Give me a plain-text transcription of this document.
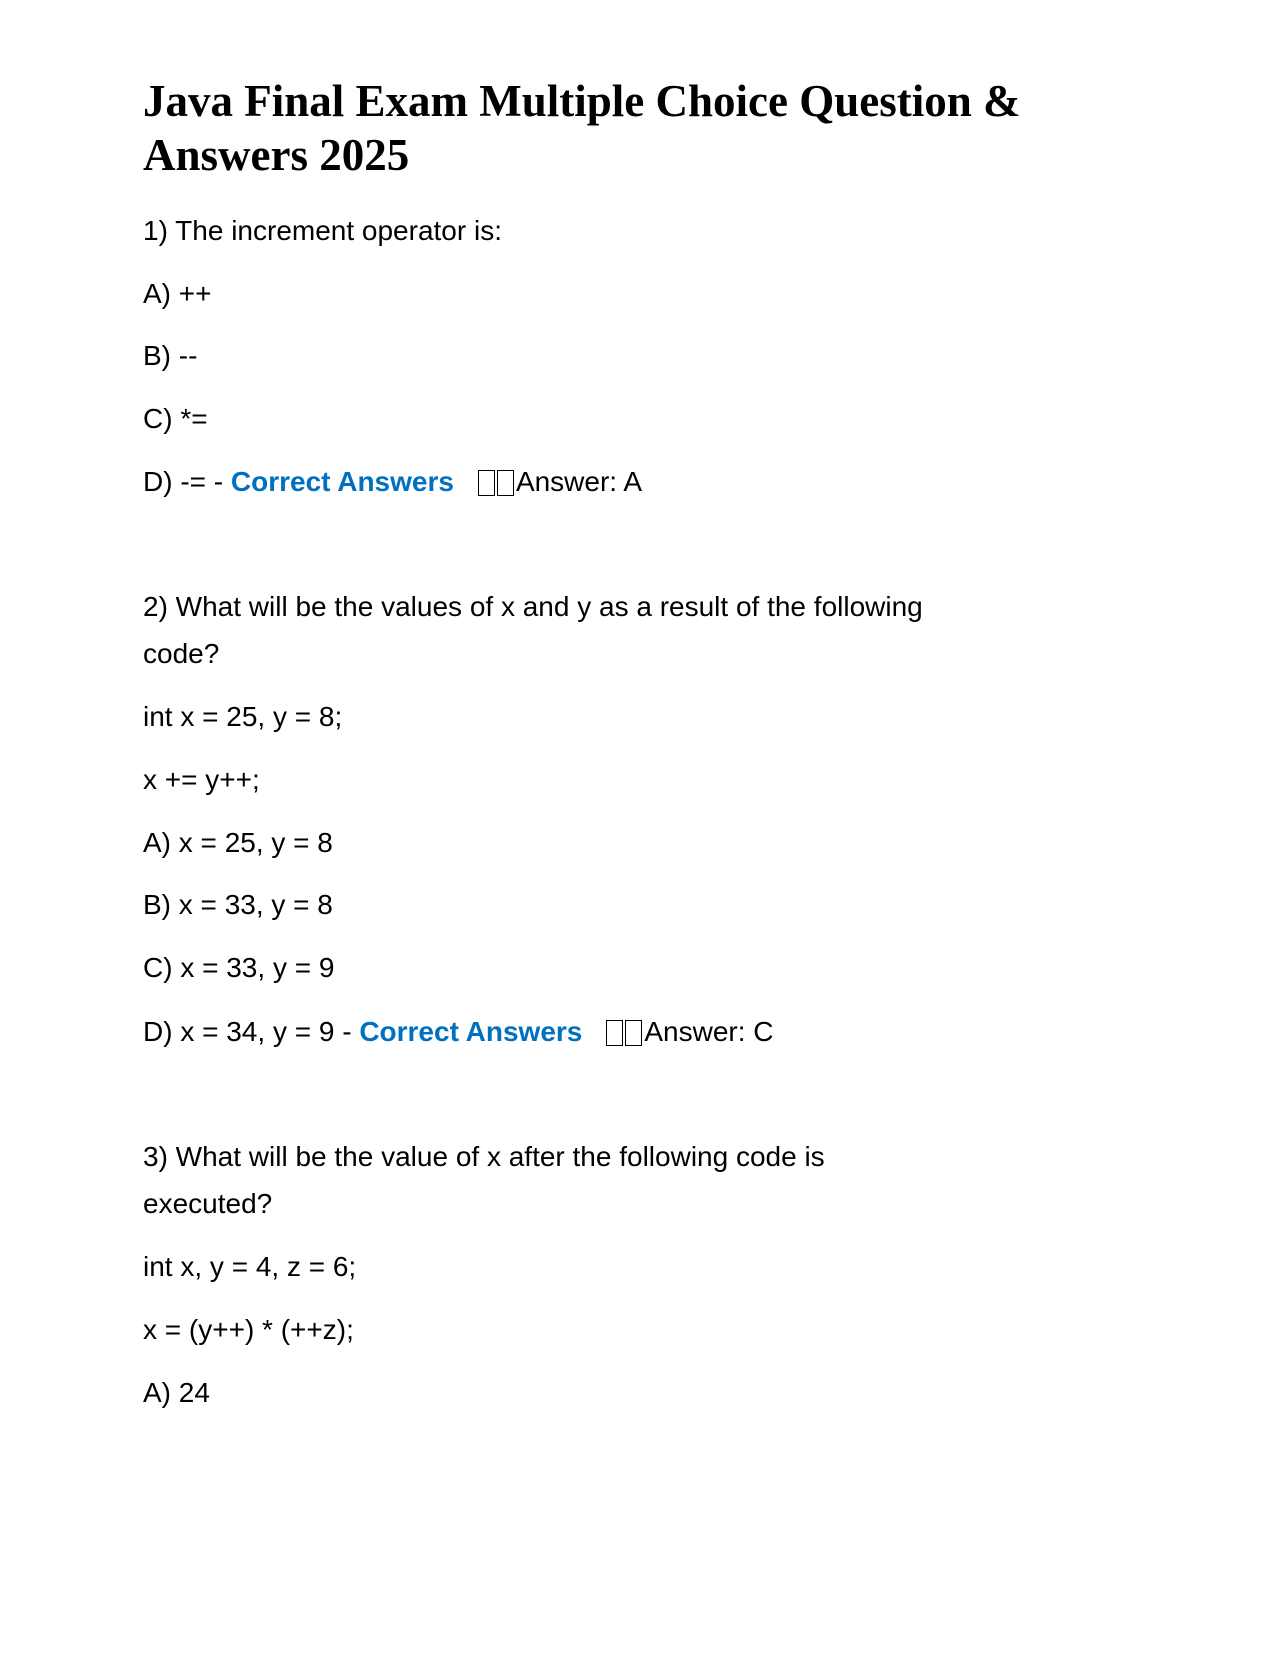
Java Final Exam Multiple Choice Question & Answers 2025
1) The increment operator is:
A) ++
B) --
C) *=
D) -= - Correct Answers Answer: A
2) What will be the values of x and y as a result of the following
code?
int x = 25, y = 8;
x += y++;
A) x = 25, y = 8
B) x = 33, y = 8
C) x = 33, y = 9
D) x = 34, y = 9 - Correct Answers Answer: C
3) What will be the value of x after the following code is
executed?
int x, y = 4, z = 6;
x = (y++) * (++z);
A) 24
